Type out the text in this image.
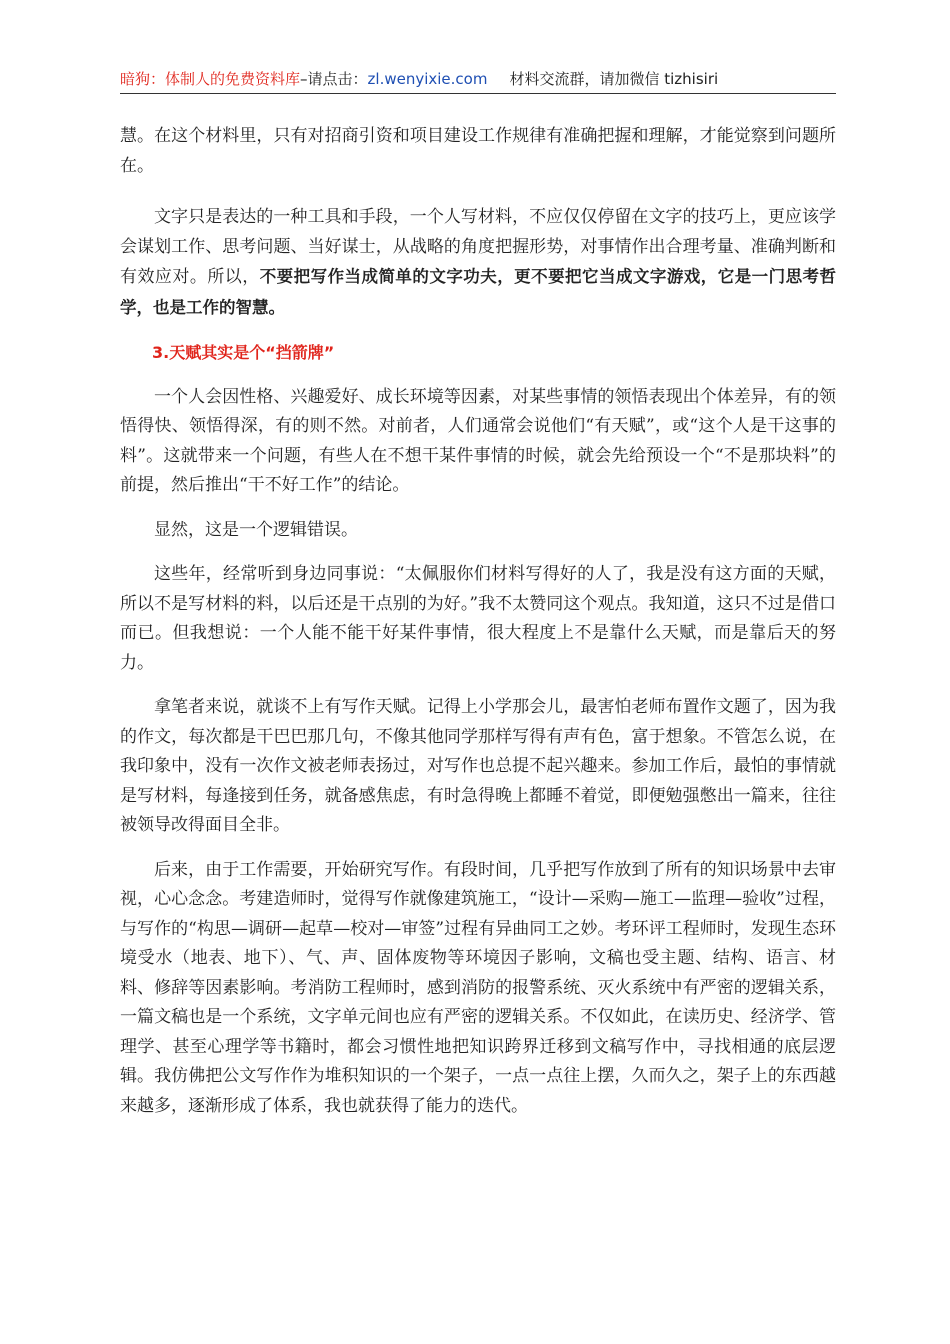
暗狗：体制人的免费资料库–请点击：zl.wenyixie.com 材料交流群，请加微信 tizhisiri

慧。在这个材料里，只有对招商引资和项目建设工作规律有准确把握和理解，才能觉察到问题所在。

文字只是表达的一种工具和手段，一个人写材料，不应仅仅停留在文字的技巧上，更应该学会谋划工作、思考问题、当好谋士，从战略的角度把握形势，对事情作出合理考量、准确判断和有效应对。所以，不要把写作当成简单的文字功夫，更不要把它当成文字游戏，它是一门思考哲学，也是工作的智慧。

3.天赋其实是个“挡箭牌”

一个人会因性格、兴趣爱好、成长环境等因素，对某些事情的领悟表现出个体差异，有的领悟得快、领悟得深，有的则不然。对前者，人们通常会说他们“有天赋”，或“这个人是干这事的料”。这就带来一个问题，有些人在不想干某件事情的时候，就会先给预设一个“不是那块料”的前提，然后推出“干不好工作”的结论。

显然，这是一个逻辑错误。

这些年，经常听到身边同事说：“太佩服你们材料写得好的人了，我是没有这方面的天赋，所以不是写材料的料，以后还是干点别的为好。”我不太赞同这个观点。我知道，这只不过是借口而已。但我想说：一个人能不能干好某件事情，很大程度上不是靠什么天赋，而是靠后天的努力。

拿笔者来说，就谈不上有写作天赋。记得上小学那会儿，最害怕老师布置作文题了，因为我的作文，每次都是干巴巴那几句，不像其他同学那样写得有声有色，富于想象。不管怎么说，在我印象中，没有一次作文被老师表扬过，对写作也总提不起兴趣来。参加工作后，最怕的事情就是写材料，每逢接到任务，就备感焦虑，有时急得晚上都睡不着觉，即便勉强憋出一篇来，往往被领导改得面目全非。

后来，由于工作需要，开始研究写作。有段时间，几乎把写作放到了所有的知识场景中去审视，心心念念。考建造师时，觉得写作就像建筑施工，“设计—采购—施工—监理—验收”过程，与写作的“构思—调研—起草—校对—审签”过程有异曲同工之妙。考环评工程师时，发现生态环境受水（地表、地下）、气、声、固体废物等环境因子影响，文稿也受主题、结构、语言、材料、修辞等因素影响。考消防工程师时，感到消防的报警系统、灭火系统中有严密的逻辑关系，一篇文稿也是一个系统，文字单元间也应有严密的逻辑关系。不仅如此，在读历史、经济学、管理学、甚至心理学等书籍时，都会习惯性地把知识跨界迁移到文稿写作中，寻找相通的底层逻辑。我仿佛把公文写作作为堆积知识的一个架子，一点一点往上摆，久而久之，架子上的东西越来越多，逐渐形成了体系，我也就获得了能力的迭代。
